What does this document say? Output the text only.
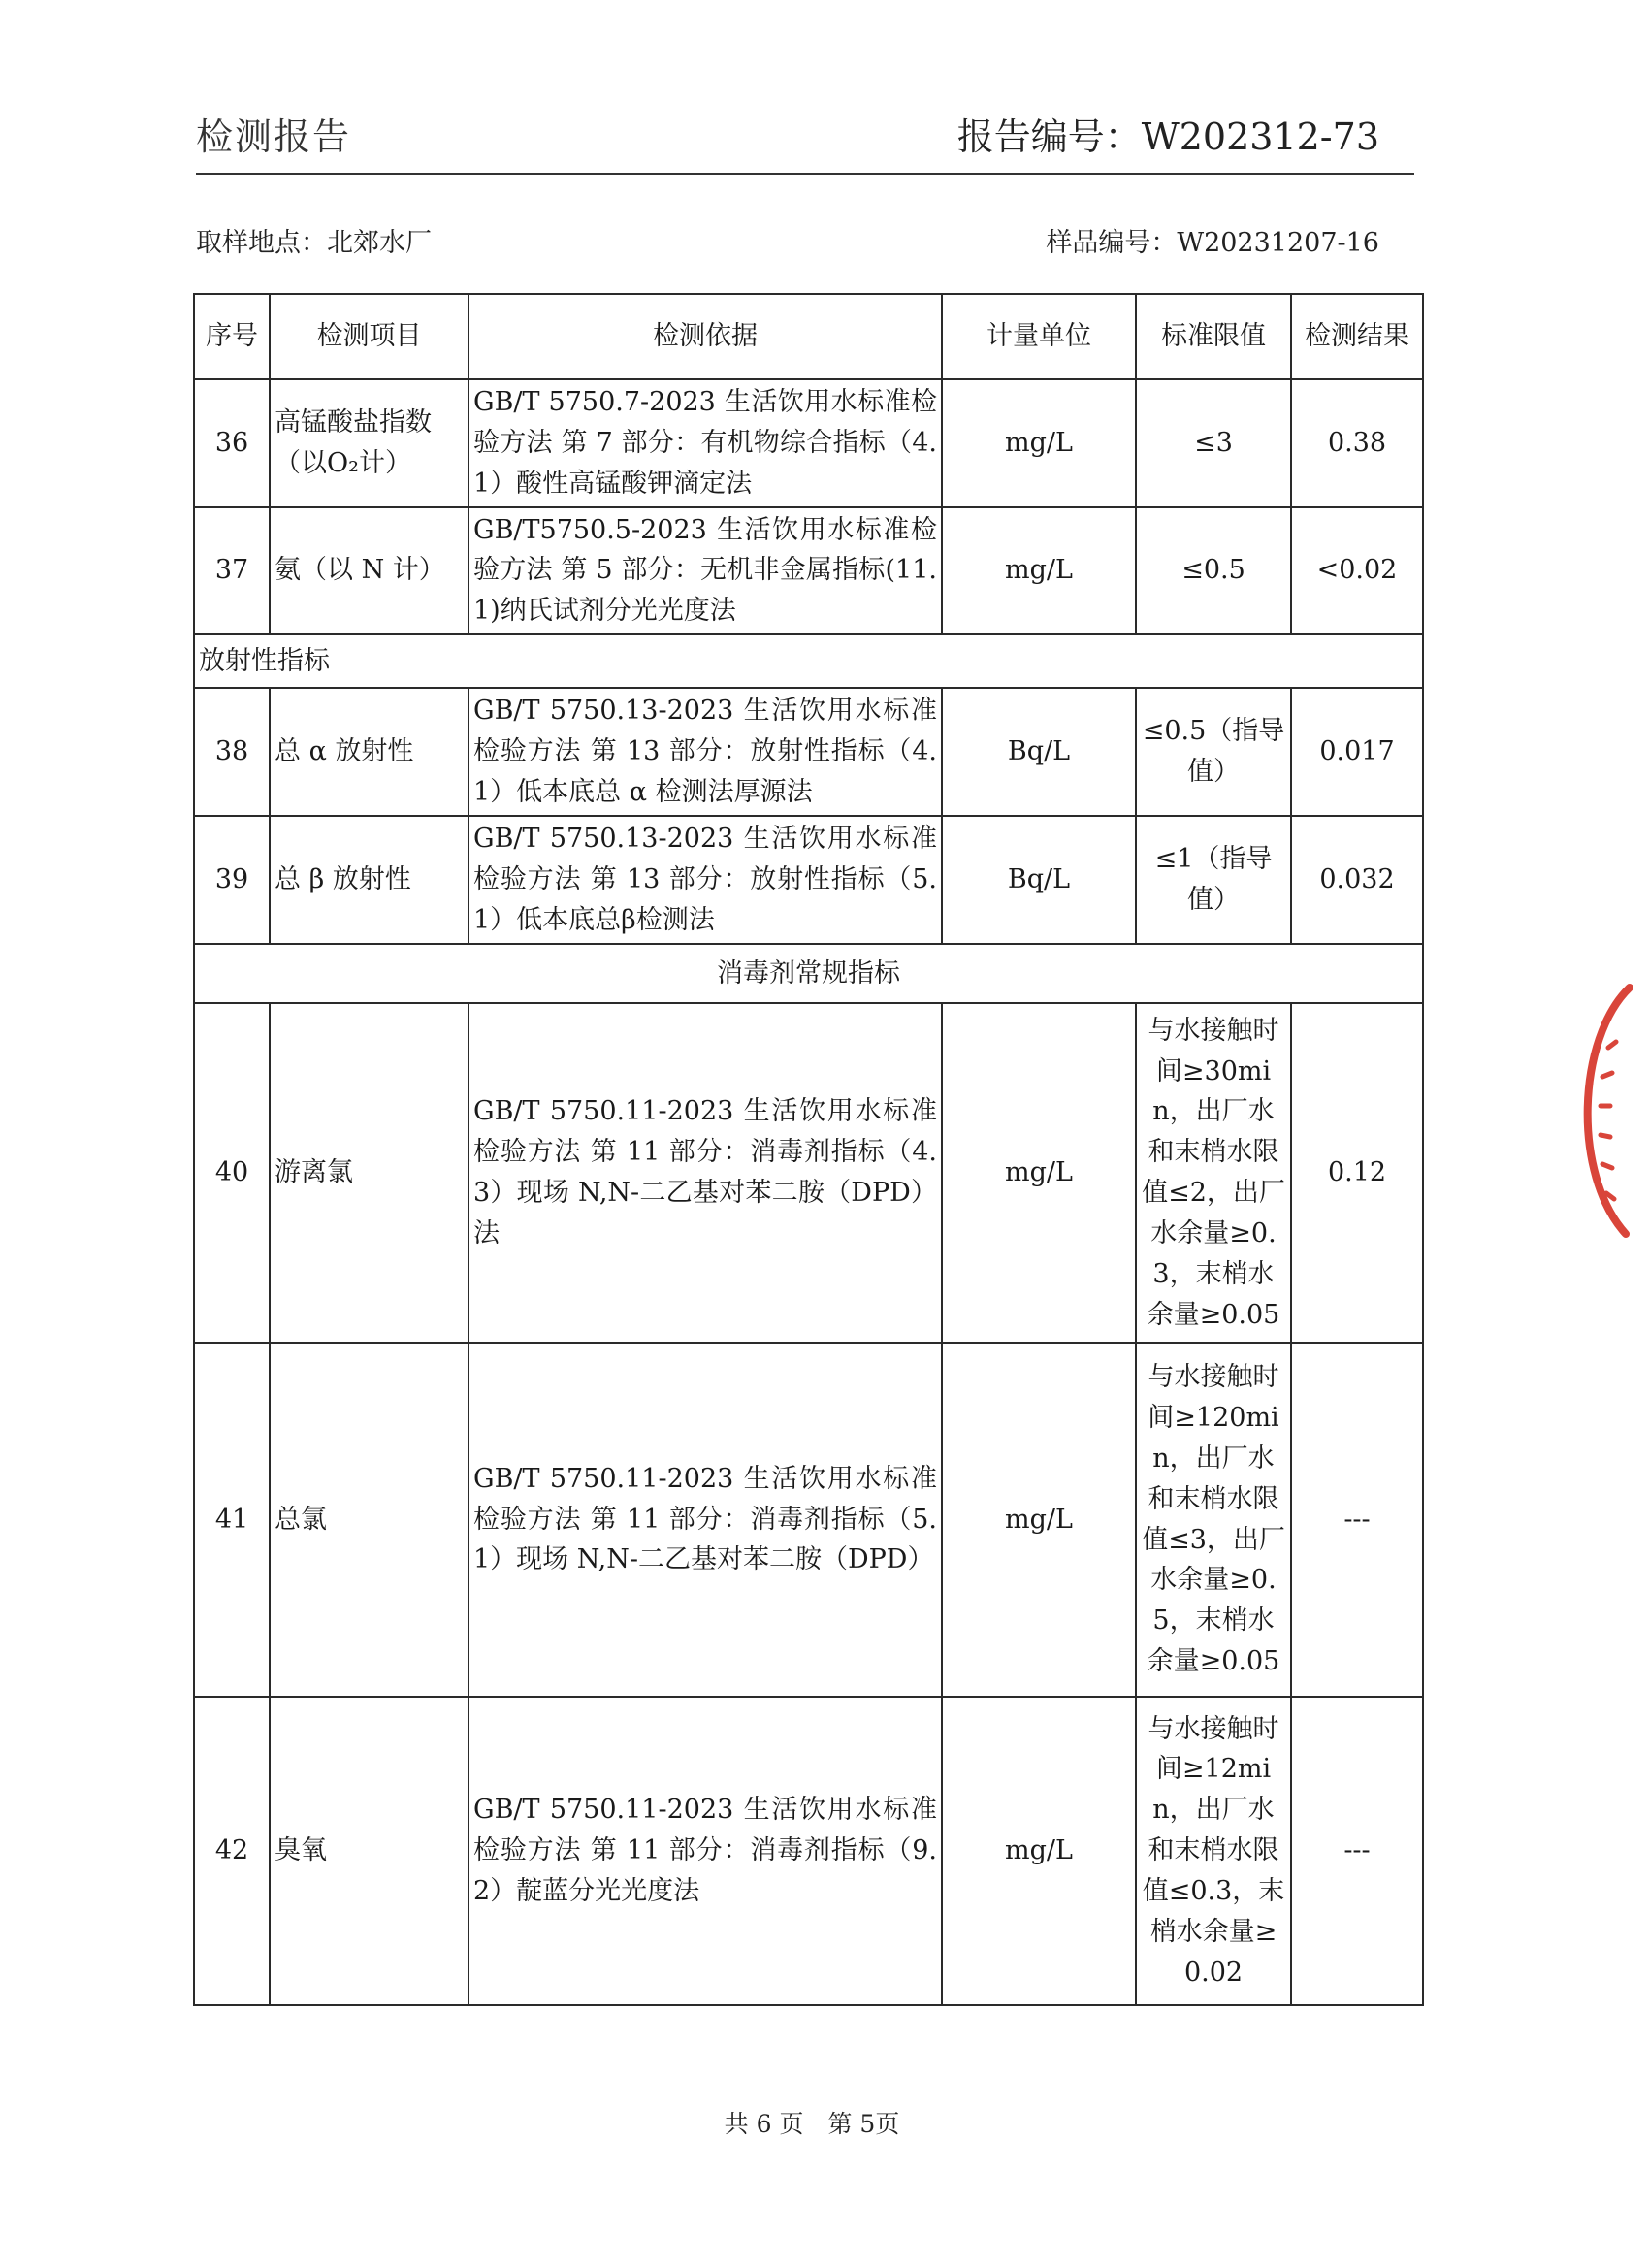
检测报告	报告编号：W202312-73
取样地点：北郊水厂	样品编号：W20231207-16
序号	检测项目	检测依据	计量单位	标准限值	检测结果
36	高锰酸盐指数（以O₂计）	GB/T 5750.7-2023 生活饮用水标准检验方法 第 7 部分：有机物综合指标（4.1）酸性高锰酸钾滴定法	mg/L	≤3	0.38
37	氨（以 N 计）	GB/T5750.5-2023 生活饮用水标准检验方法 第 5 部分：无机非金属指标(11.1)纳氏试剂分光光度法	mg/L	≤0.5	<0.02
放射性指标					
38	总 α 放射性	GB/T 5750.13-2023 生活饮用水标准检验方法 第 13 部分：放射性指标（4.1）低本底总 α 检测法厚源法	Bq/L	≤0.5（指导值）	0.017
39	总 β 放射性	GB/T 5750.13-2023 生活饮用水标准检验方法 第 13 部分：放射性指标（5.1）低本底总β检测法	Bq/L	≤1（指导值）	0.032
消毒剂常规指标					
40	游离氯	GB/T 5750.11-2023 生活饮用水标准检验方法 第 11 部分：消毒剂指标（4.3）现场 N,N-二乙基对苯二胺（DPD）法	mg/L	与水接触时间≥30min，出厂水和末梢水限值≤2，出厂水余量≥0.3，末梢水余量≥0.05	0.12
41	总氯	GB/T 5750.11-2023 生活饮用水标准检验方法 第 11 部分：消毒剂指标（5.1）现场 N,N-二乙基对苯二胺（DPD）	mg/L	与水接触时间≥120min，出厂水和末梢水限值≤3，出厂水余量≥0.5，末梢水余量≥0.05	---
42	臭氧	GB/T 5750.11-2023 生活饮用水标准检验方法 第 11 部分：消毒剂指标（9.2）靛蓝分光光度法	mg/L	与水接触时间≥12min，出厂水和末梢水限值≤0.3，末梢水余量≥0.02	---
共 6 页　第 5页
